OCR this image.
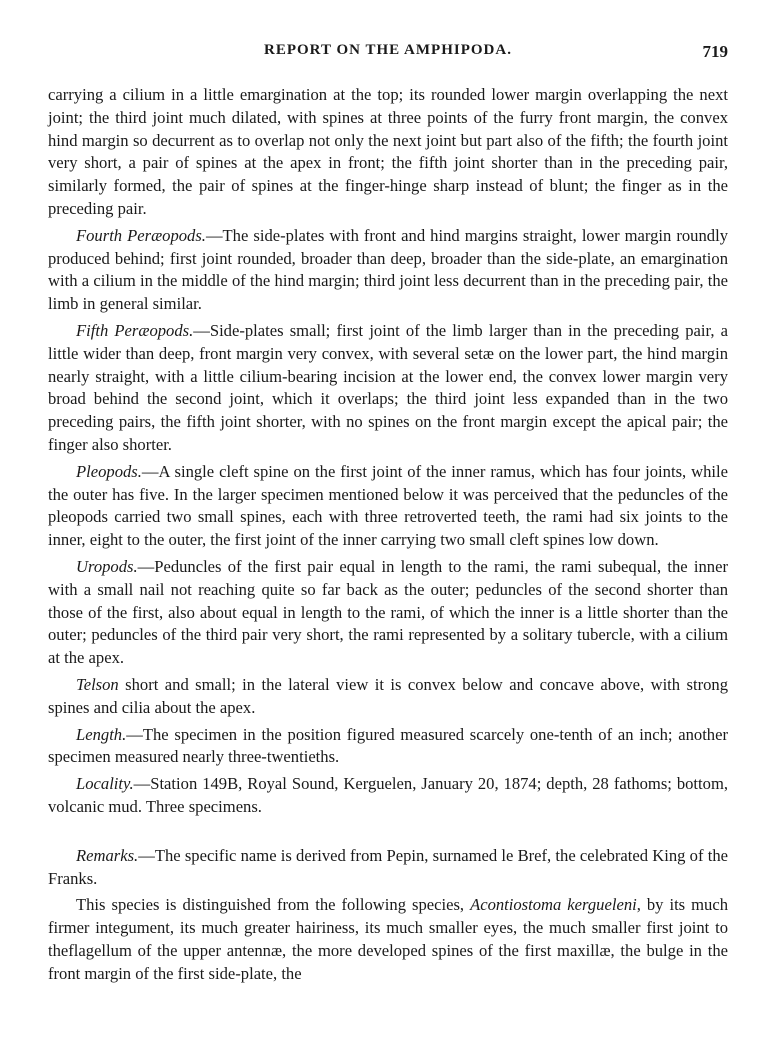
REPORT ON THE AMPHIPODA.	719

carrying a cilium in a little emargination at the top; its rounded lower margin overlapping the next joint; the third joint much dilated, with spines at three points of the furry front margin, the convex hind margin so decurrent as to overlap not only the next joint but part also of the fifth; the fourth joint very short, a pair of spines at the apex in front; the fifth joint shorter than in the preceding pair, similarly formed, the pair of spines at the finger-hinge sharp instead of blunt; the finger as in the preceding pair.

Fourth Peræopods.—The side-plates with front and hind margins straight, lower margin roundly produced behind; first joint rounded, broader than deep, broader than the side-plate, an emargination with a cilium in the middle of the hind margin; third joint less decurrent than in the preceding pair, the limb in general similar.

Fifth Peræopods.—Side-plates small; first joint of the limb larger than in the preceding pair, a little wider than deep, front margin very convex, with several setæ on the lower part, the hind margin nearly straight, with a little cilium-bearing incision at the lower end, the convex lower margin very broad behind the second joint, which it overlaps; the third joint less expanded than in the two preceding pairs, the fifth joint shorter, with no spines on the front margin except the apical pair; the finger also shorter.

Pleopods.—A single cleft spine on the first joint of the inner ramus, which has four joints, while the outer has five. In the larger specimen mentioned below it was perceived that the peduncles of the pleopods carried two small spines, each with three retroverted teeth, the rami had six joints to the inner, eight to the outer, the first joint of the inner carrying two small cleft spines low down.

Uropods.—Peduncles of the first pair equal in length to the rami, the rami subequal, the inner with a small nail not reaching quite so far back as the outer; peduncles of the second shorter than those of the first, also about equal in length to the rami, of which the inner is a little shorter than the outer; peduncles of the third pair very short, the rami represented by a solitary tubercle, with a cilium at the apex.

Telson short and small; in the lateral view it is convex below and concave above, with strong spines and cilia about the apex.

Length.—The specimen in the position figured measured scarcely one-tenth of an inch; another specimen measured nearly three-twentieths.

Locality.—Station 149B, Royal Sound, Kerguelen, January 20, 1874; depth, 28 fathoms; bottom, volcanic mud. Three specimens.

Remarks.—The specific name is derived from Pepin, surnamed le Bref, the celebrated King of the Franks.

This species is distinguished from the following species, Acontiostoma kergueleni, by its much firmer integument, its much greater hairiness, its much smaller eyes, the much smaller first joint to theflagellum of the upper antennæ, the more developed spines of the first maxillæ, the bulge in the front margin of the first side-plate, the
